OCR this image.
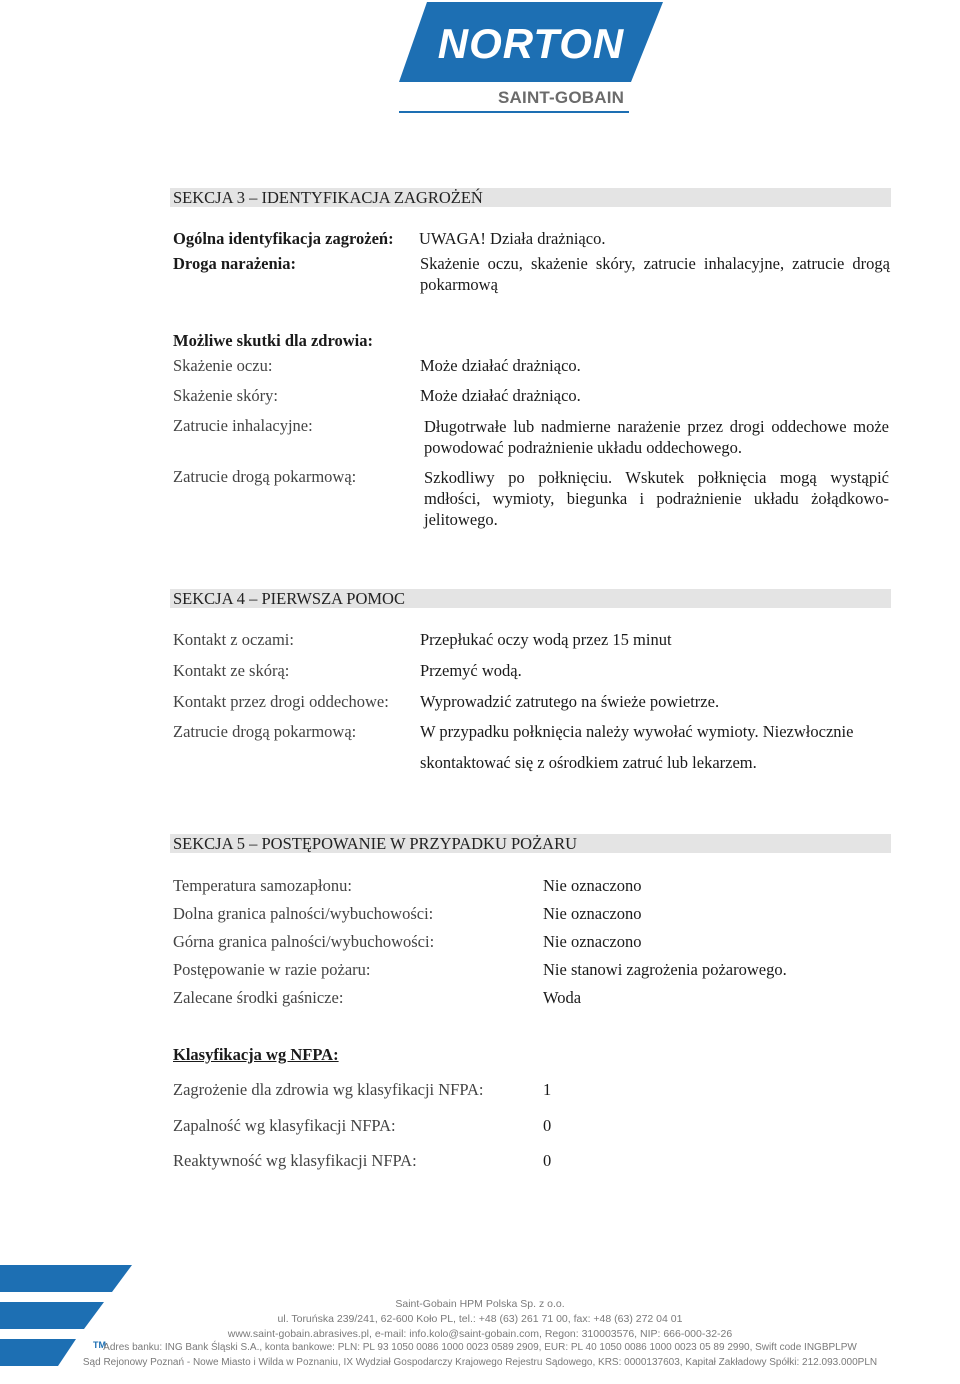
NORTON
SAINT-GOBAIN
SEKCJA 3 – IDENTYFIKACJA ZAGROŻEŃ
Ogólna identyfikacja zagrożeń: UWAGA! Działa drażniąco.
Droga narażenia:	Skażenie oczu, skażenie skóry, zatrucie inhalacyjne, zatrucie drogą pokarmową
Możliwe skutki dla zdrowia:
Skażenie oczu:	Może działać drażniąco.
Skażenie skóry:	Może działać drażniąco.
Zatrucie inhalacyjne:	Długotrwałe lub nadmierne narażenie przez drogi oddechowe może powodować podrażnienie układu oddechowego.
Zatrucie drogą pokarmową:	Szkodliwy po połknięciu. Wskutek połknięcia mogą wystąpić mdłości, wymioty, biegunka i podrażnienie układu żołądkowo-jelitowego.
SEKCJA 4 – PIERWSZA POMOC
Kontakt z oczami:	Przepłukać oczy wodą przez 15 minut
Kontakt ze skórą:	Przemyć wodą.
Kontakt przez drogi oddechowe: Wyprowadzić zatrutego na świeże powietrze.
Zatrucie drogą pokarmową:	W przypadku połknięcia należy wywołać wymioty. Niezwłocznie
skontaktować się z ośrodkiem zatruć lub lekarzem.
SEKCJA 5 – POSTĘPOWANIE W PRZYPADKU POŻARU
Temperatura samozapłonu:	Nie oznaczono
Dolna granica palności/wybuchowości:	Nie oznaczono
Górna granica palności/wybuchowości:	Nie oznaczono
Postępowanie w razie pożaru:	Nie stanowi zagrożenia pożarowego.
Zalecane środki gaśnicze:	Woda
Klasyfikacja wg NFPA:
Zagrożenie dla zdrowia wg klasyfikacji NFPA:	1
Zapalność wg klasyfikacji NFPA:	0
Reaktywność wg klasyfikacji NFPA:	0
TM
Saint-Gobain HPM Polska Sp. z o.o.
ul. Toruńska 239/241, 62-600 Koło PL, tel.: +48 (63) 261 71 00, fax: +48 (63) 272 04 01
www.saint-gobain.abrasives.pl, e-mail: info.kolo@saint-gobain.com, Regon: 310003576, NIP: 666-000-32-26
Adres banku: ING Bank Śląski S.A., konta bankowe: PLN: PL 93 1050 0086 1000 0023 0589 2909, EUR: PL 40 1050 0086 1000 0023 05 89 2990, Swift code INGBPLPW
Sąd Rejonowy Poznań - Nowe Miasto i Wilda w Poznaniu, IX Wydział Gospodarczy Krajowego Rejestru Sądowego, KRS: 0000137603, Kapitał Zakładowy Spółki: 212.093.000PLN
